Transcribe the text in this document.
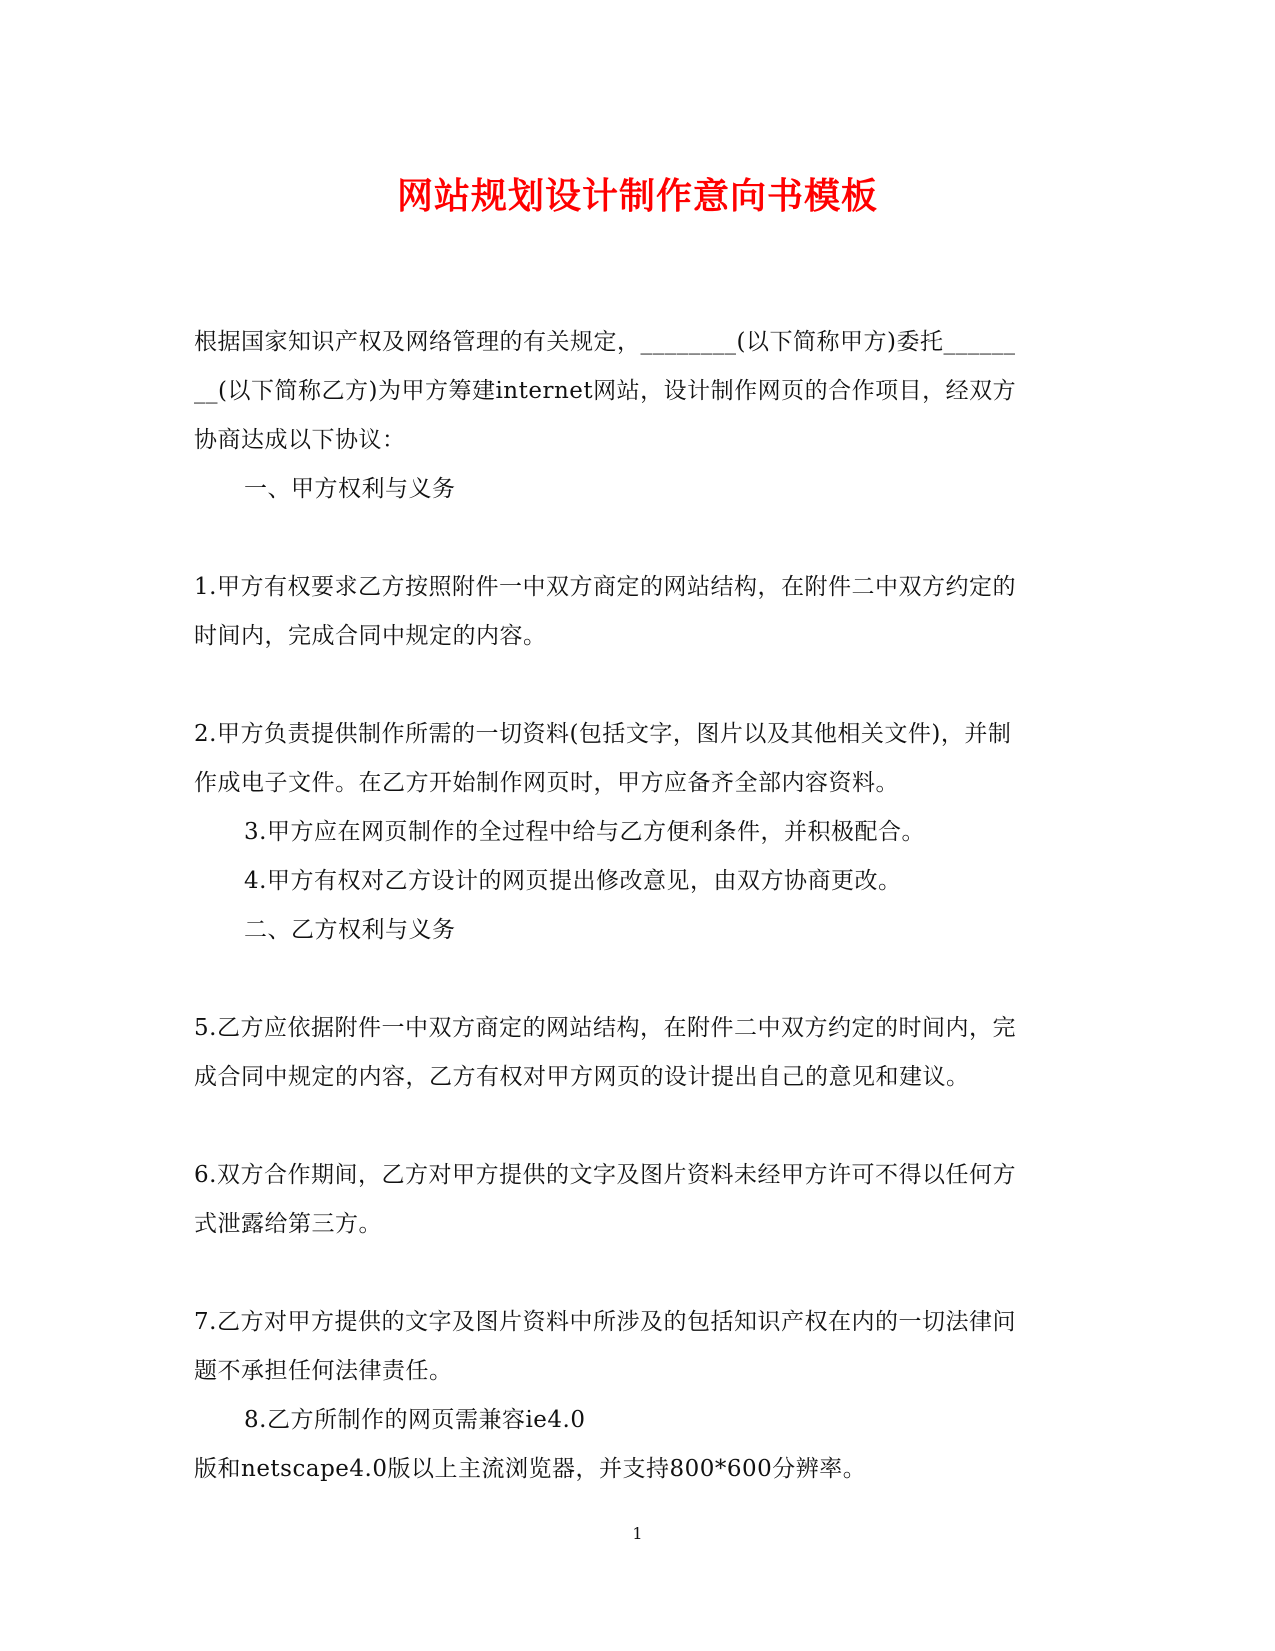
网站规划设计制作意向书模板

根据国家知识产权及网络管理的有关规定，________(以下简称甲方)委托______

__(以下简称乙方)为甲方筹建internet网站，设计制作网页的合作项目，经双方

协商达成以下协议：

一、甲方权利与义务

1.甲方有权要求乙方按照附件一中双方商定的网站结构，在附件二中双方约定的

时间内，完成合同中规定的内容。

2.甲方负责提供制作所需的一切资料(包括文字，图片以及其他相关文件)，并制

作成电子文件。在乙方开始制作网页时，甲方应备齐全部内容资料。

3.甲方应在网页制作的全过程中给与乙方便利条件，并积极配合。

4.甲方有权对乙方设计的网页提出修改意见，由双方协商更改。

二、乙方权利与义务

5.乙方应依据附件一中双方商定的网站结构，在附件二中双方约定的时间内，完

成合同中规定的内容，乙方有权对甲方网页的设计提出自己的意见和建议。

6.双方合作期间，乙方对甲方提供的文字及图片资料未经甲方许可不得以任何方

式泄露给第三方。

7.乙方对甲方提供的文字及图片资料中所涉及的包括知识产权在内的一切法律问

题不承担任何法律责任。

8.乙方所制作的网页需兼容ie4.0

版和netscape4.0版以上主流浏览器，并支持800*600分辨率。

1
